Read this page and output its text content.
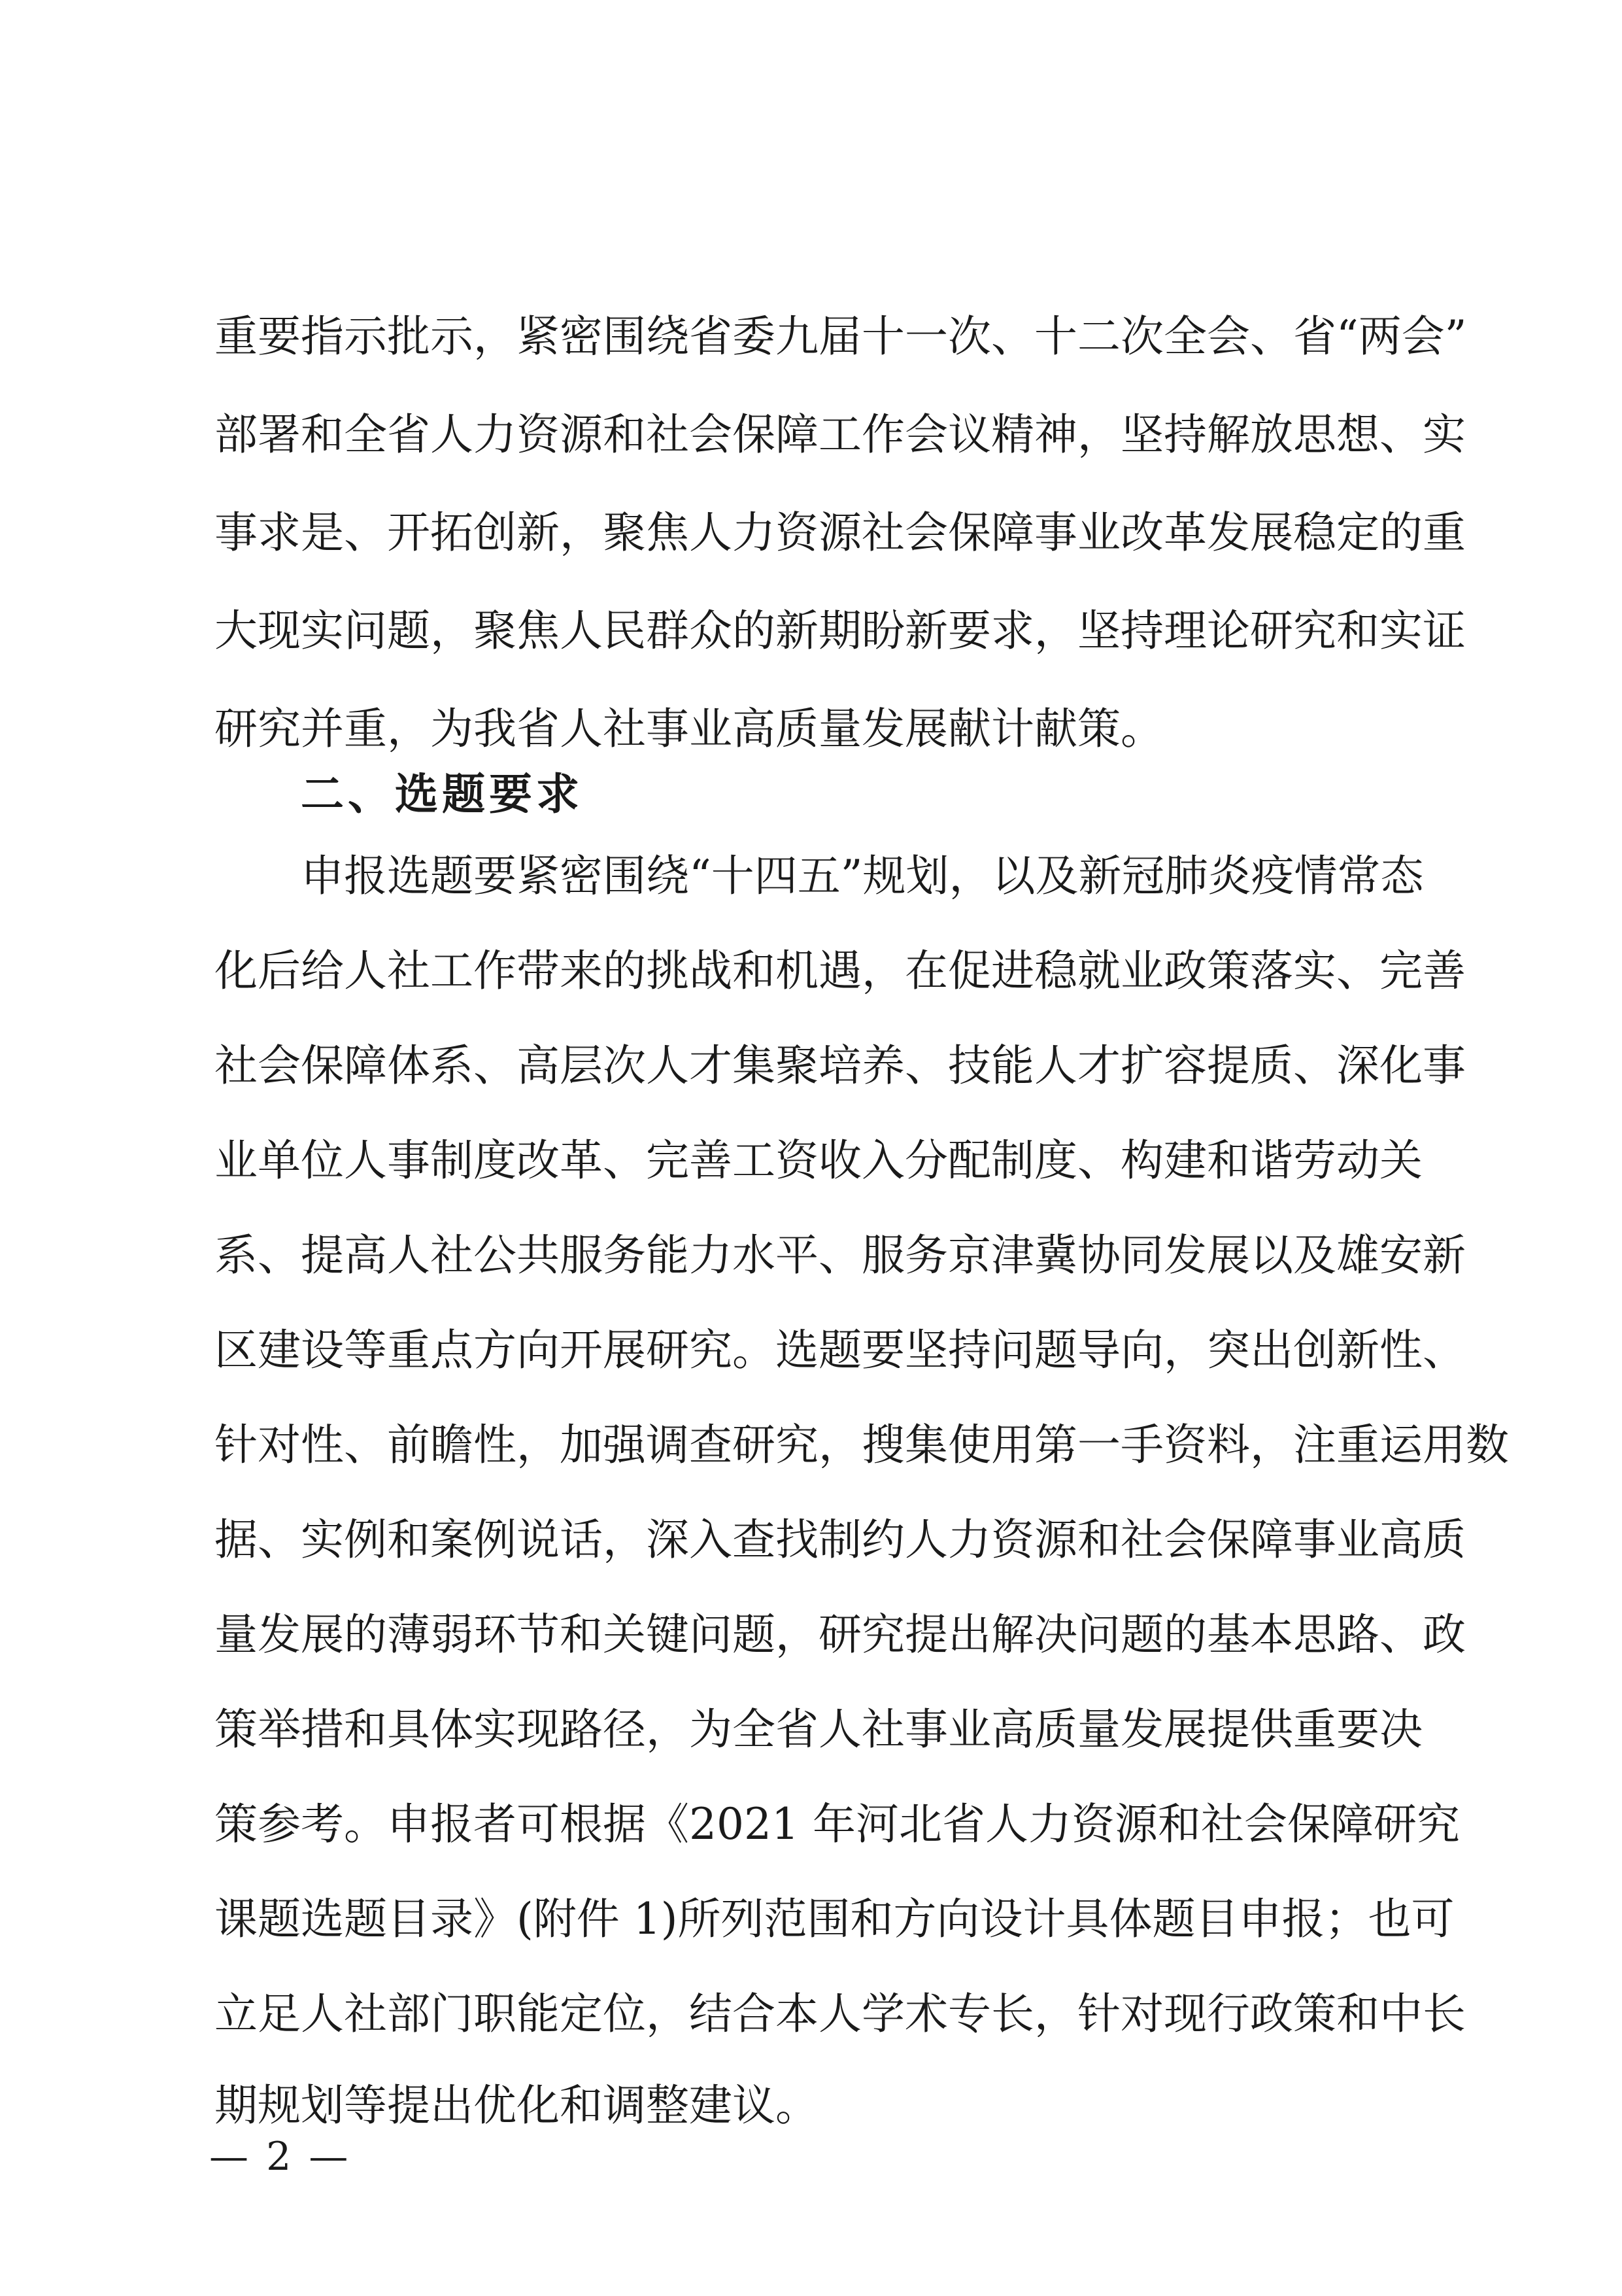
重要指示批示，紧密围绕省委九届十一次、十二次全会、省“两会”
部署和全省人力资源和社会保障工作会议精神，坚持解放思想、实
事求是、开拓创新，聚焦人力资源社会保障事业改革发展稳定的重
大现实问题，聚焦人民群众的新期盼新要求，坚持理论研究和实证
研究并重，为我省人社事业高质量发展献计献策。
二、选题要求
申报选题要紧密围绕“十四五”规划，以及新冠肺炎疫情常态
化后给人社工作带来的挑战和机遇，在促进稳就业政策落实、完善
社会保障体系、高层次人才集聚培养、技能人才扩容提质、深化事
业单位人事制度改革、完善工资收入分配制度、构建和谐劳动关
系、提高人社公共服务能力水平、服务京津冀协同发展以及雄安新
区建设等重点方向开展研究。选题要坚持问题导向，突出创新性、
针对性、前瞻性，加强调查研究，搜集使用第一手资料，注重运用数
据、实例和案例说话，深入查找制约人力资源和社会保障事业高质
量发展的薄弱环节和关键问题，研究提出解决问题的基本思路、政
策举措和具体实现路径，为全省人社事业高质量发展提供重要决
策参考。申报者可根据《2021 年河北省人力资源和社会保障研究
课题选题目录》(附件 1)所列范围和方向设计具体题目申报；也可
立足人社部门职能定位，结合本人学术专长，针对现行政策和中长
期规划等提出优化和调整建议。
— 2 —
